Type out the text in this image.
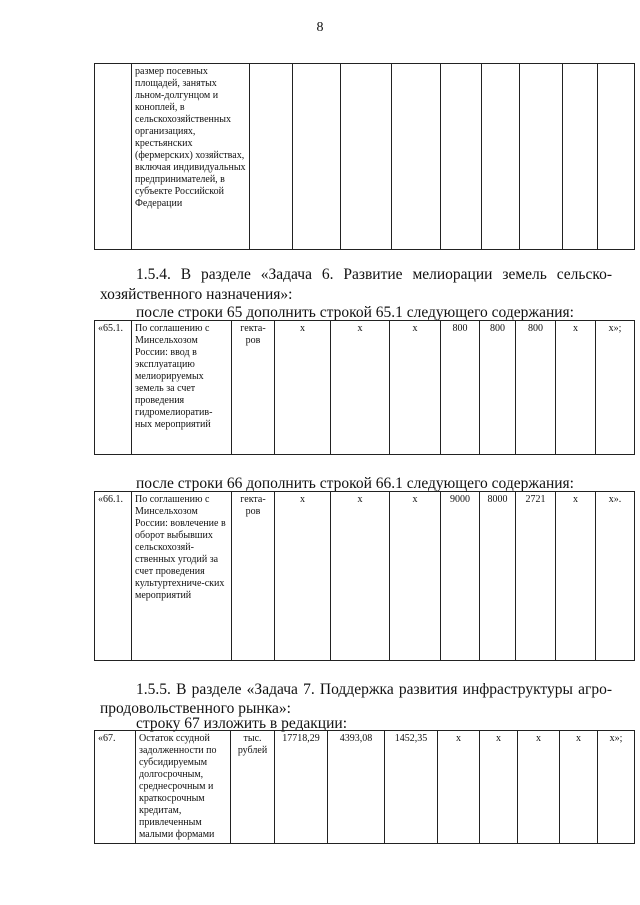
8
	размер посевных площадей, занятых льном-долгунцом и коноплей, в сельскохозяйственных организациях, крестьянских (фермерских) хозяйствах, включая индивидуальных предпринимателей, в субъекте Российской Федерации									
1.5.4. В разделе «Задача 6. Развитие мелиорации земель сельско-
хозяйственного назначения»:
после строки 65 дополнить строкой 65.1 следующего содержания:
«65.1.	По соглашению с Минсельхозом России: ввод в эксплуатацию мелиорируемых земель за счет проведения гидромелиоратив-ных мероприятий	гекта-ров	х	х	х	800	800	800	х	х»;
после строки 66 дополнить строкой 66.1 следующего содержания:
«66.1.	По соглашению с Минсельхозом России: вовлечение в оборот выбывших сельскохозяй-ственных угодий за счет проведения культуртехниче-ских мероприятий	гекта-ров	х	х	х	9000	8000	2721	х	х».
1.5.5. В разделе «Задача 7. Поддержка развития инфраструктуры агро-
продовольственного рынка»:
строку 67 изложить в редакции:
«67.	Остаток ссудной задолженности по субсидируемым долгосрочным, среднесрочным и краткосрочным кредитам, привлеченным малыми формами	тыс. рублей	17718,29	4393,08	1452,35	х	х	х	х	х»;
